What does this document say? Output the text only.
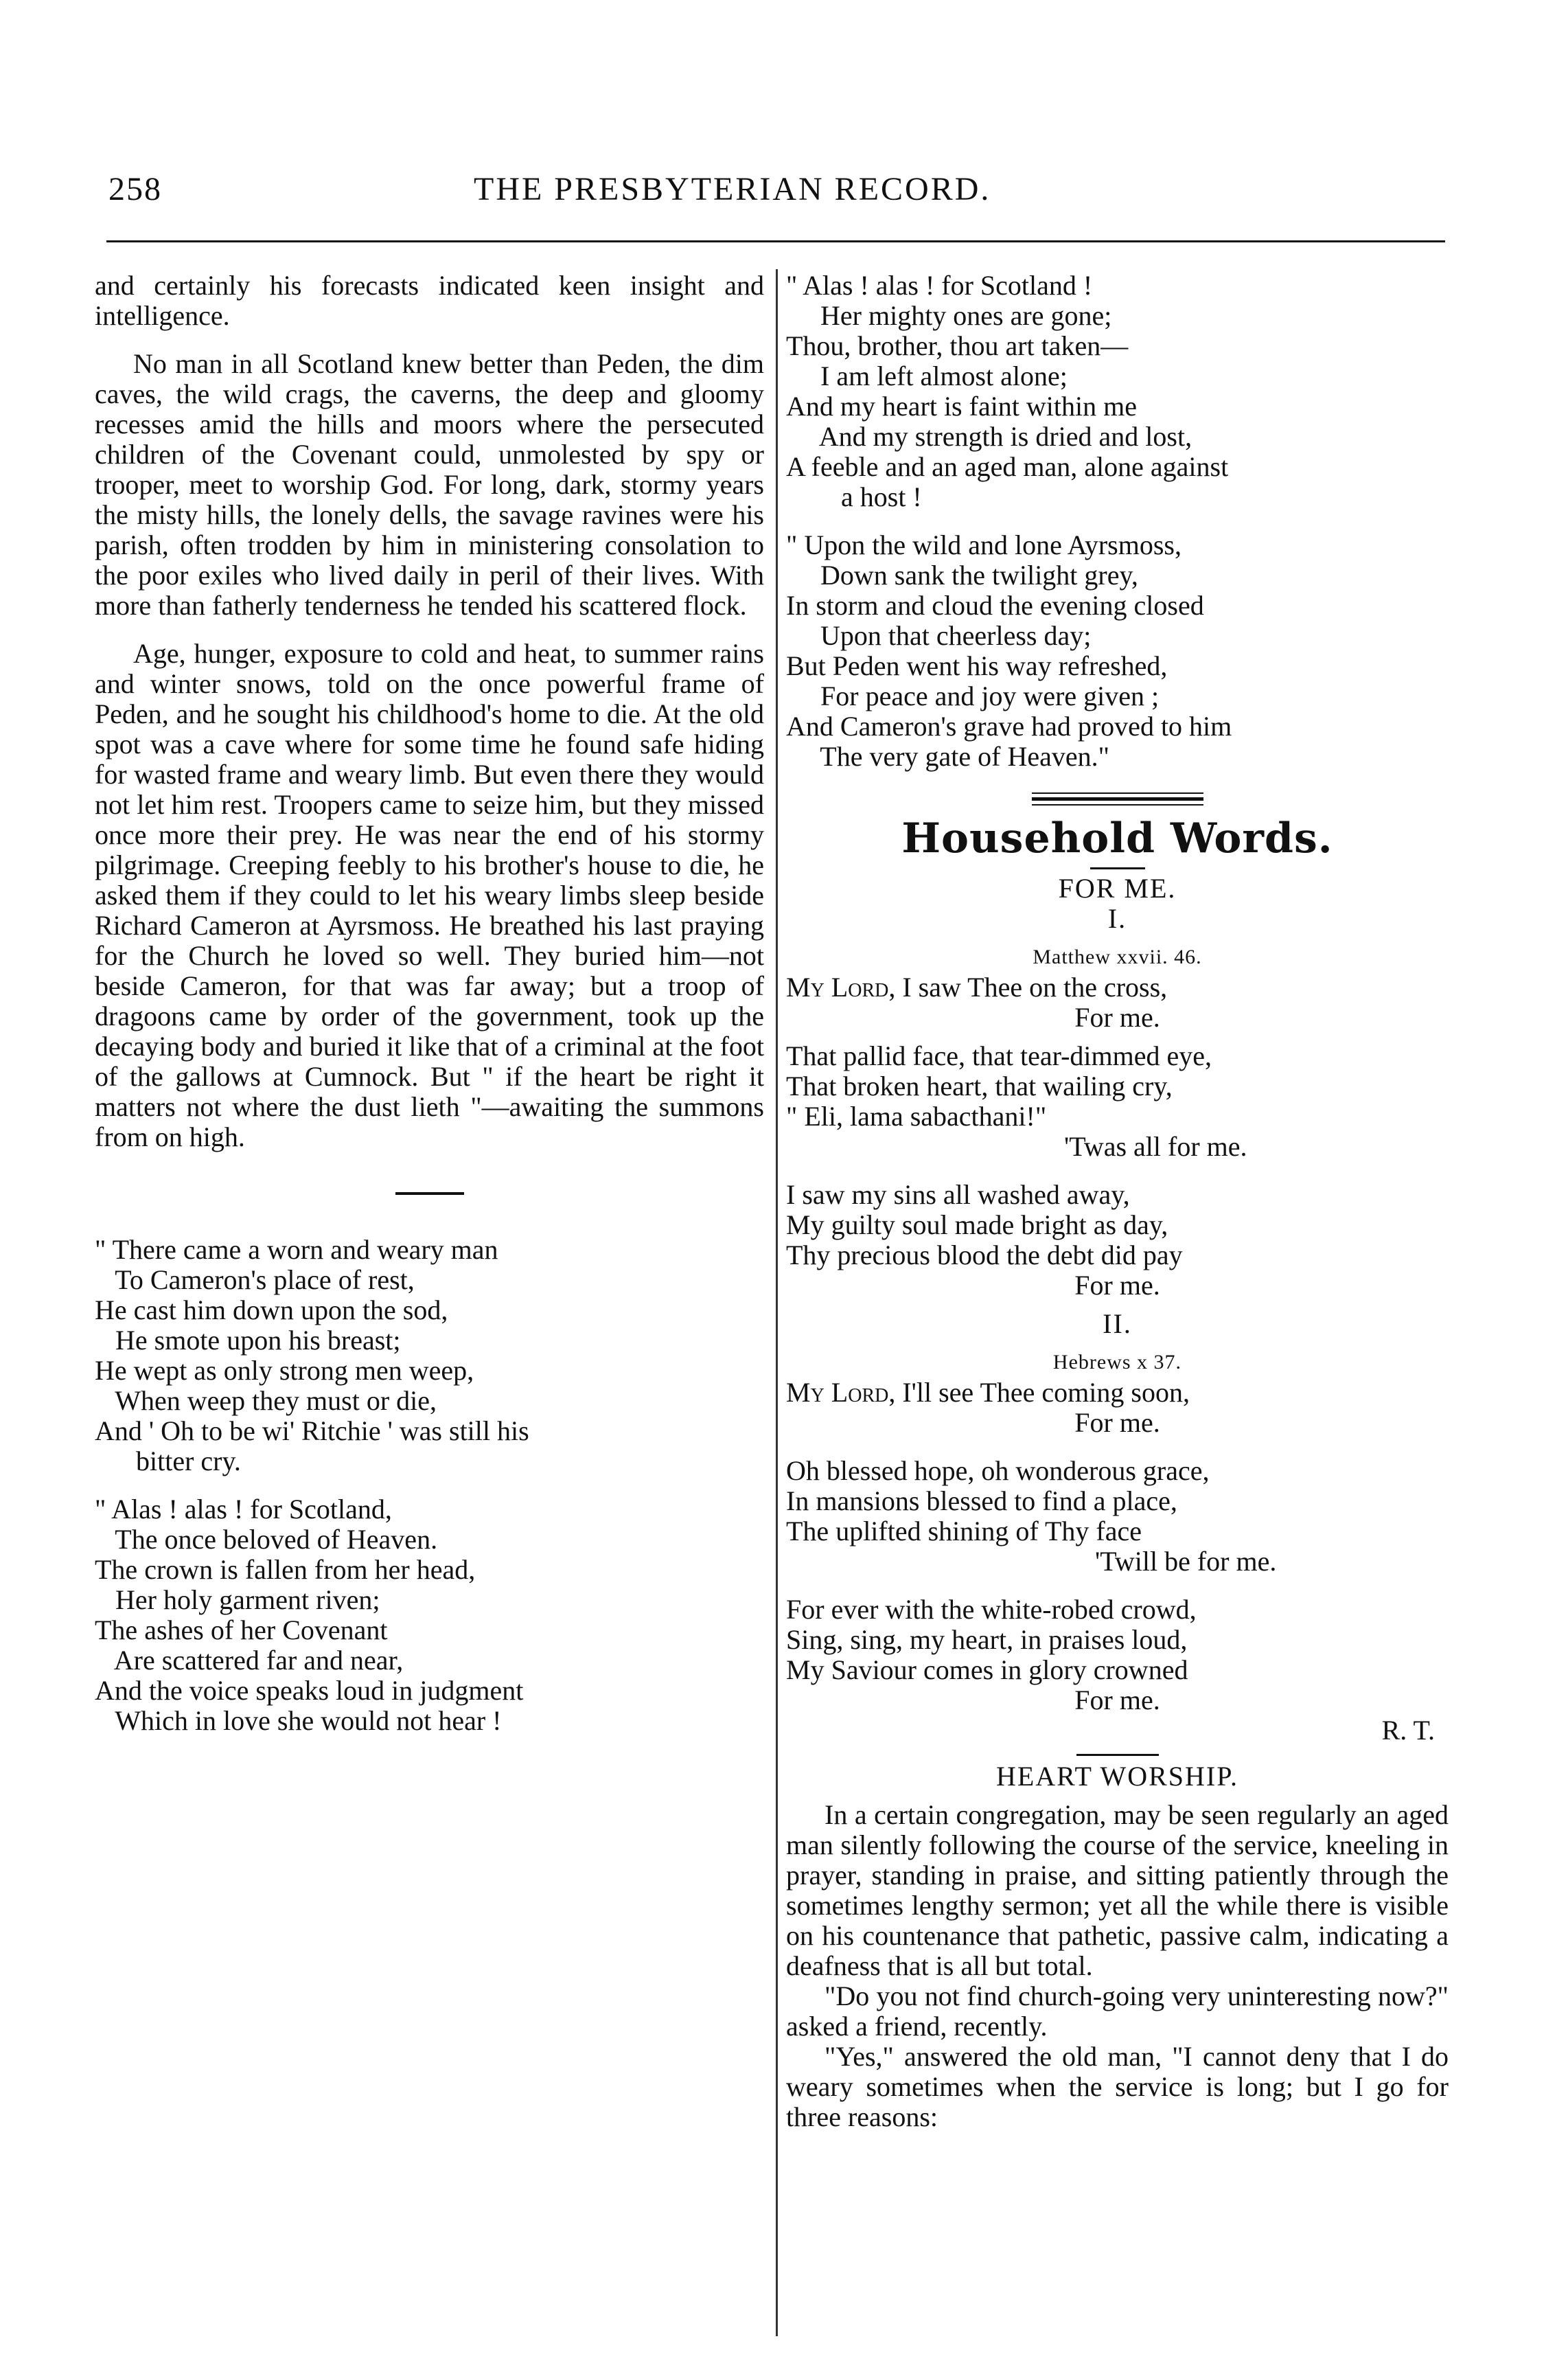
258	THE PRESBYTERIAN RECORD.

and certainly his forecasts indicated keen insight and intelligence.

No man in all Scotland knew better than Peden, the dim caves, the wild crags, the caverns, the deep and gloomy recesses amid the hills and moors where the persecuted children of the Covenant could, unmolested by spy or trooper, meet to worship God. For long, dark, stormy years the misty hills, the lonely dells, the savage ravines were his parish, often trodden by him in ministering consolation to the poor exiles who lived daily in peril of their lives. With more than fatherly tenderness he tended his scattered flock.

Age, hunger, exposure to cold and heat, to summer rains and winter snows, told on the once powerful frame of Peden, and he sought his childhood's home to die. At the old spot was a cave where for some time he found safe hiding for wasted frame and weary limb. But even there they would not let him rest. Troopers came to seize him, but they missed once more their prey. He was near the end of his stormy pilgrimage. Creeping feebly to his brother's house to die, he asked them if they could to let his weary limbs sleep beside Richard Cameron at Ayrsmoss. He breathed his last praying for the Church he loved so well. They buried him—not beside Cameron, for that was far away; but a troop of dragoons came by order of the government, took up the decaying body and buried it like that of a criminal at the foot of the gallows at Cumnock. But " if the heart be right it matters not where the dust lieth "—awaiting the summons from on high.

" There came a worn and weary man
To Cameron's place of rest,
He cast him down upon the sod,
He smote upon his breast;
He wept as only strong men weep,
When weep they must or die,
And ' Oh to be wi' Ritchie ' was still his
bitter cry.
" Alas ! alas ! for Scotland,
The once beloved of Heaven.
The crown is fallen from her head,
Her holy garment riven;
The ashes of her Covenant
Are scattered far and near,
And the voice speaks loud in judgment
Which in love she would not hear !
" Alas ! alas ! for Scotland !
Her mighty ones are gone;
Thou, brother, thou art taken—
I am left almost alone;
And my heart is faint within me
And my strength is dried and lost,
A feeble and an aged man, alone against
a host !
" Upon the wild and lone Ayrsmoss,
Down sank the twilight grey,
In storm and cloud the evening closed
Upon that cheerless day;
But Peden went his way refreshed,
For peace and joy were given ;
And Cameron's grave had proved to him
The very gate of Heaven."
Household Words.
FOR ME.
I.
Matthew xxvii. 46.
My Lord, I saw Thee on the cross,
For me.
That pallid face, that tear-dimmed eye,
That broken heart, that wailing cry,
" Eli, lama sabacthani!"
'Twas all for me.
I saw my sins all washed away,
My guilty soul made bright as day,
Thy precious blood the debt did pay
For me.
II.
Hebrews x 37.
My Lord, I'll see Thee coming soon,
For me.
Oh blessed hope, oh wonderous grace,
In mansions blessed to find a place,
The uplifted shining of Thy face
'Twill be for me.
For ever with the white-robed crowd,
Sing, sing, my heart, in praises loud,
My Saviour comes in glory crowned
For me.
R. T.
HEART WORSHIP.

In a certain congregation, may be seen regularly an aged man silently following the course of the service, kneeling in prayer, standing in praise, and sitting patiently through the sometimes lengthy sermon; yet all the while there is visible on his countenance that pathetic, passive calm, indicating a deafness that is all but total.

"Do you not find church-going very uninteresting now?" asked a friend, recently.

"Yes," answered the old man, "I cannot deny that I do weary sometimes when the service is long; but I go for three reasons:
